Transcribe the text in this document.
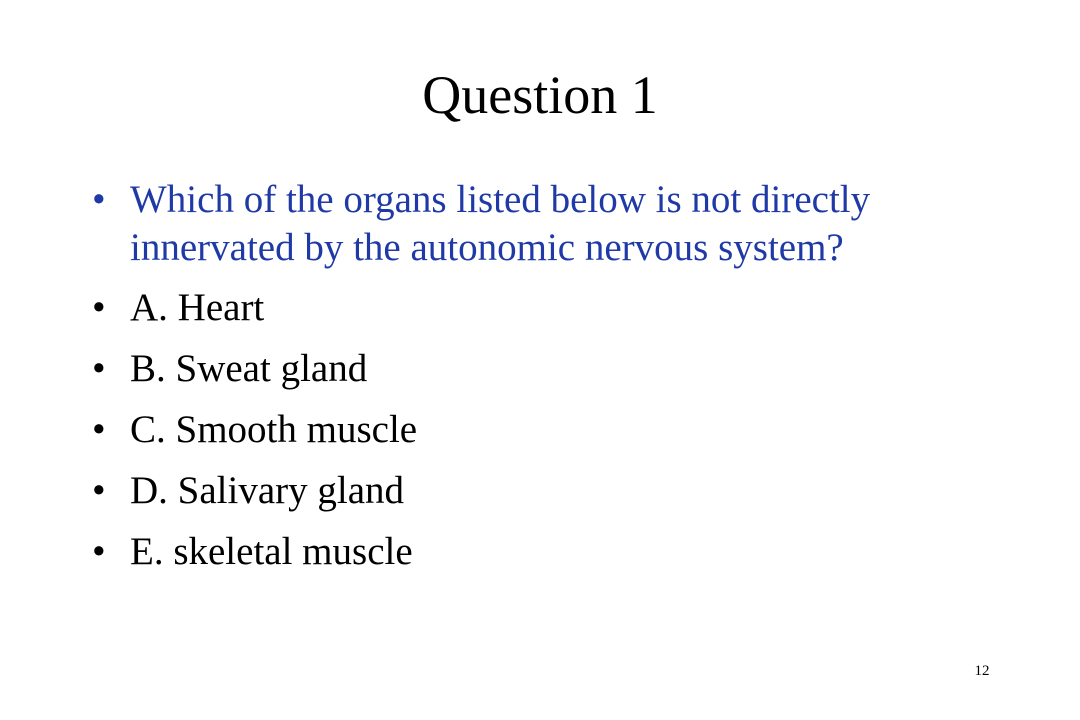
Question 1
• Which of the organs listed below is not directly innervated by the autonomic nervous system?
• A. Heart
• B. Sweat gland
• C. Smooth muscle
• D. Salivary gland
• E. skeletal muscle
12
